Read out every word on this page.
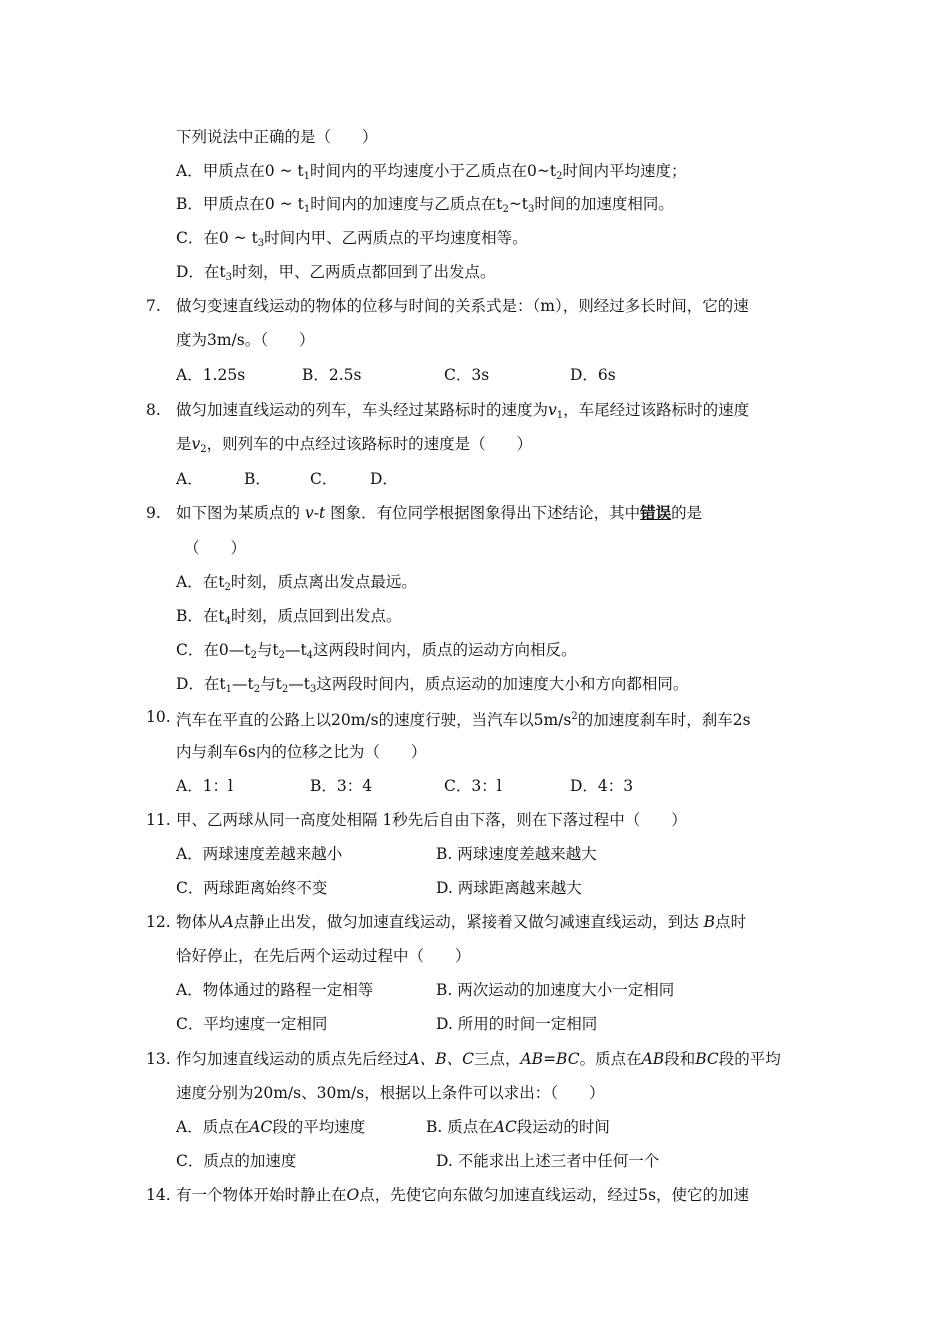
下列说法中正确的是（　　）
A．甲质点在0 ~ $t_1$时间内的平均速度小于乙质点在$0\sim t_2$时间内平均速度；
B．甲质点在0 ~ $t_1$时间内的加速度与乙质点在$t_2\sim t_3$时间的加速度相同。
C．在0 ~ $t_3$时间内甲、乙两质点的平均速度相等。
D．在$t_3$时刻，甲、乙两质点都回到了出发点。
7. 做匀变速直线运动的物体的位移与时间的关系式是：（m），则经过多长时间，它的速
度为3m/s。（　　）
A．1.25s	B．2.5s	C．3s	D．6s
8. 做匀加速直线运动的列车，车头经过某路标时的速度为$v_1$，车尾经过该路标时的速度
是$v_2$，则列车的中点经过该路标时的速度是（　　）
A．	B．	C． D．
9. 如下图为某质点的 v-t 图象．有位同学根据图象得出下述结论，其中错误的是
（　　）
A．在$t_2$时刻，质点离出发点最远。
B．在$t_4$时刻，质点回到出发点。
C．在$0—t_2$与$t_2—t_4$这两段时间内，质点的运动方向相反。
D．在$t_1—t_2$与$t_2—t_3$这两段时间内，质点运动的加速度大小和方向都相同。
10. 汽车在平直的公路上以20m/s的速度行驶，当汽车以$5m/s^2$的加速度刹车时，刹车2s
内与刹车6s内的位移之比为（　　）
A．1：l	B．3：4	C．3：l	D．4：3
11. 甲、乙两球从同一高度处相隔 1秒先后自由下落，则在下落过程中（　　）
A．两球速度差越来越小	B. 两球速度差越来越大
C．两球距离始终不变	D. 两球距离越来越大
12. 物体从A点静止出发，做匀加速直线运动，紧接着又做匀减速直线运动，到达 B点时
恰好停止，在先后两个运动过程中（　　）
A．物体通过的路程一定相等	B. 两次运动的加速度大小一定相同
C．平均速度一定相同	D. 所用的时间一定相同
13. 作匀加速直线运动的质点先后经过A、B、C三点，AB=BC。质点在AB段和BC段的平均
速度分别为20m/s、30m/s，根据以上条件可以求出：（　　）
A．质点在AC段的平均速度	B. 质点在AC段运动的时间
C．质点的加速度	D. 不能求出上述三者中任何一个
14. 有一个物体开始时静止在O点，先使它向东做匀加速直线运动，经过5s，使它的加速
